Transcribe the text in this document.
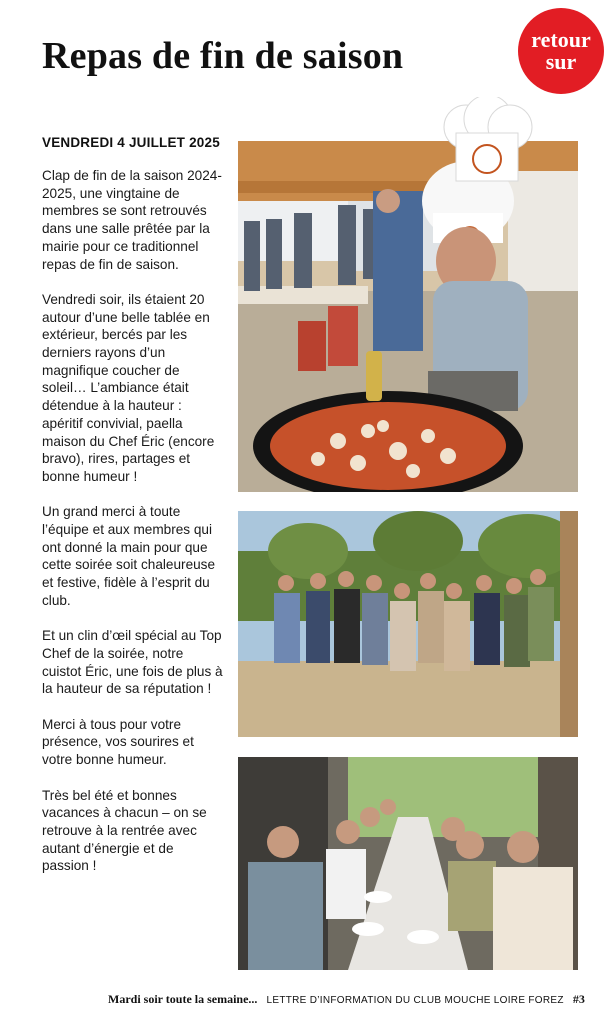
Repas de fin de saison	retour
sur
VENDREDI 4 JUILLET 2025

Clap de fin de la saison 2024-2025, une vingtaine de membres se sont retrouvés dans une salle prêtée par la mairie pour ce traditionnel repas de fin de saison.

Vendredi soir, ils étaient 20 autour d’une belle tablée en extérieur, bercés par les derniers rayons d’un magnifique coucher de soleil… L’ambiance était détendue à la hauteur : apéritif convivial, paella maison du Chef Éric (encore bravo), rires, partages et bonne humeur !

Un grand merci à toute l’équipe et aux membres qui ont donné la main pour que cette soirée soit chaleureuse et festive, fidèle à l’esprit du club.

Et un clin d’œil spécial au Top Chef de la soirée, notre cuistot Éric, une fois de plus à la hauteur de sa réputation !

Merci à tous pour votre présence, vos sourires et votre bonne humeur.

Très bel été et bonnes vacances à chacun – on se retrouve à la rentrée avec autant d’énergie et de passion !

Mardi soir toute la semaine... LETTRE D’INFORMATION DU CLUB MOUCHE LOIRE FOREZ #3
